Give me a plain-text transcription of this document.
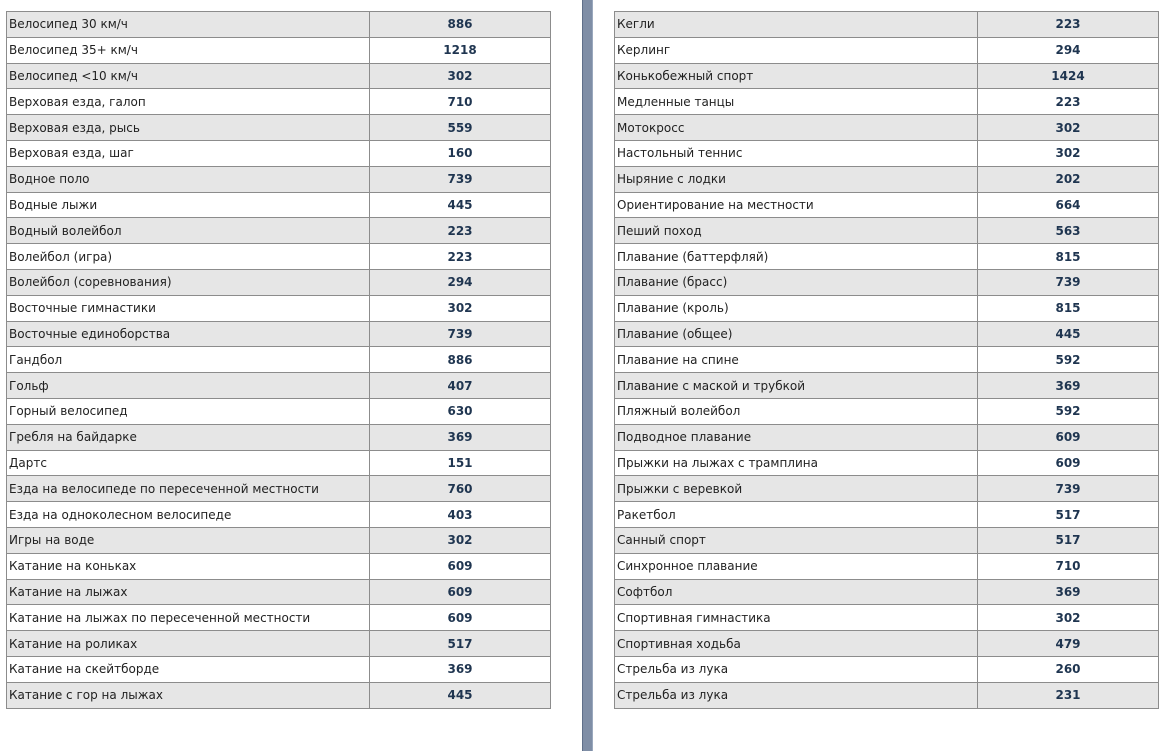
Велосипед 30 км/ч	886
Велосипед 35+ км/ч	1218
Велосипед <10 км/ч	302
Верховая езда, галоп	710
Верховая езда, рысь	559
Верховая езда, шаг	160
Водное поло	739
Водные лыжи	445
Водный волейбол	223
Волейбол (игра)	223
Волейбол (соревнования)	294
Восточные гимнастики	302
Восточные единоборства	739
Гандбол	886
Гольф	407
Горный велосипед	630
Гребля на байдарке	369
Дартс	151
Езда на велосипеде по пересеченной местности	760
Езда на одноколесном велосипеде	403
Игры на воде	302
Катание на коньках	609
Катание на лыжах	609
Катание на лыжах по пересеченной местности	609
Катание на роликах	517
Катание на скейтборде	369
Катание с гор на лыжах	445
Кегли	223
Керлинг	294
Конькобежный спорт	1424
Медленные танцы	223
Мотокросс	302
Настольный теннис	302
Ныряние с лодки	202
Ориентирование на местности	664
Пеший поход	563
Плавание (баттерфляй)	815
Плавание (брасс)	739
Плавание (кроль)	815
Плавание (общее)	445
Плавание на спине	592
Плавание с маской и трубкой	369
Пляжный волейбол	592
Подводное плавание	609
Прыжки на лыжах с трамплина	609
Прыжки с веревкой	739
Ракетбол	517
Санный спорт	517
Синхронное плавание	710
Софтбол	369
Спортивная гимнастика	302
Спортивная ходьба	479
Стрельба из лука	260
Стрельба из лука	231
